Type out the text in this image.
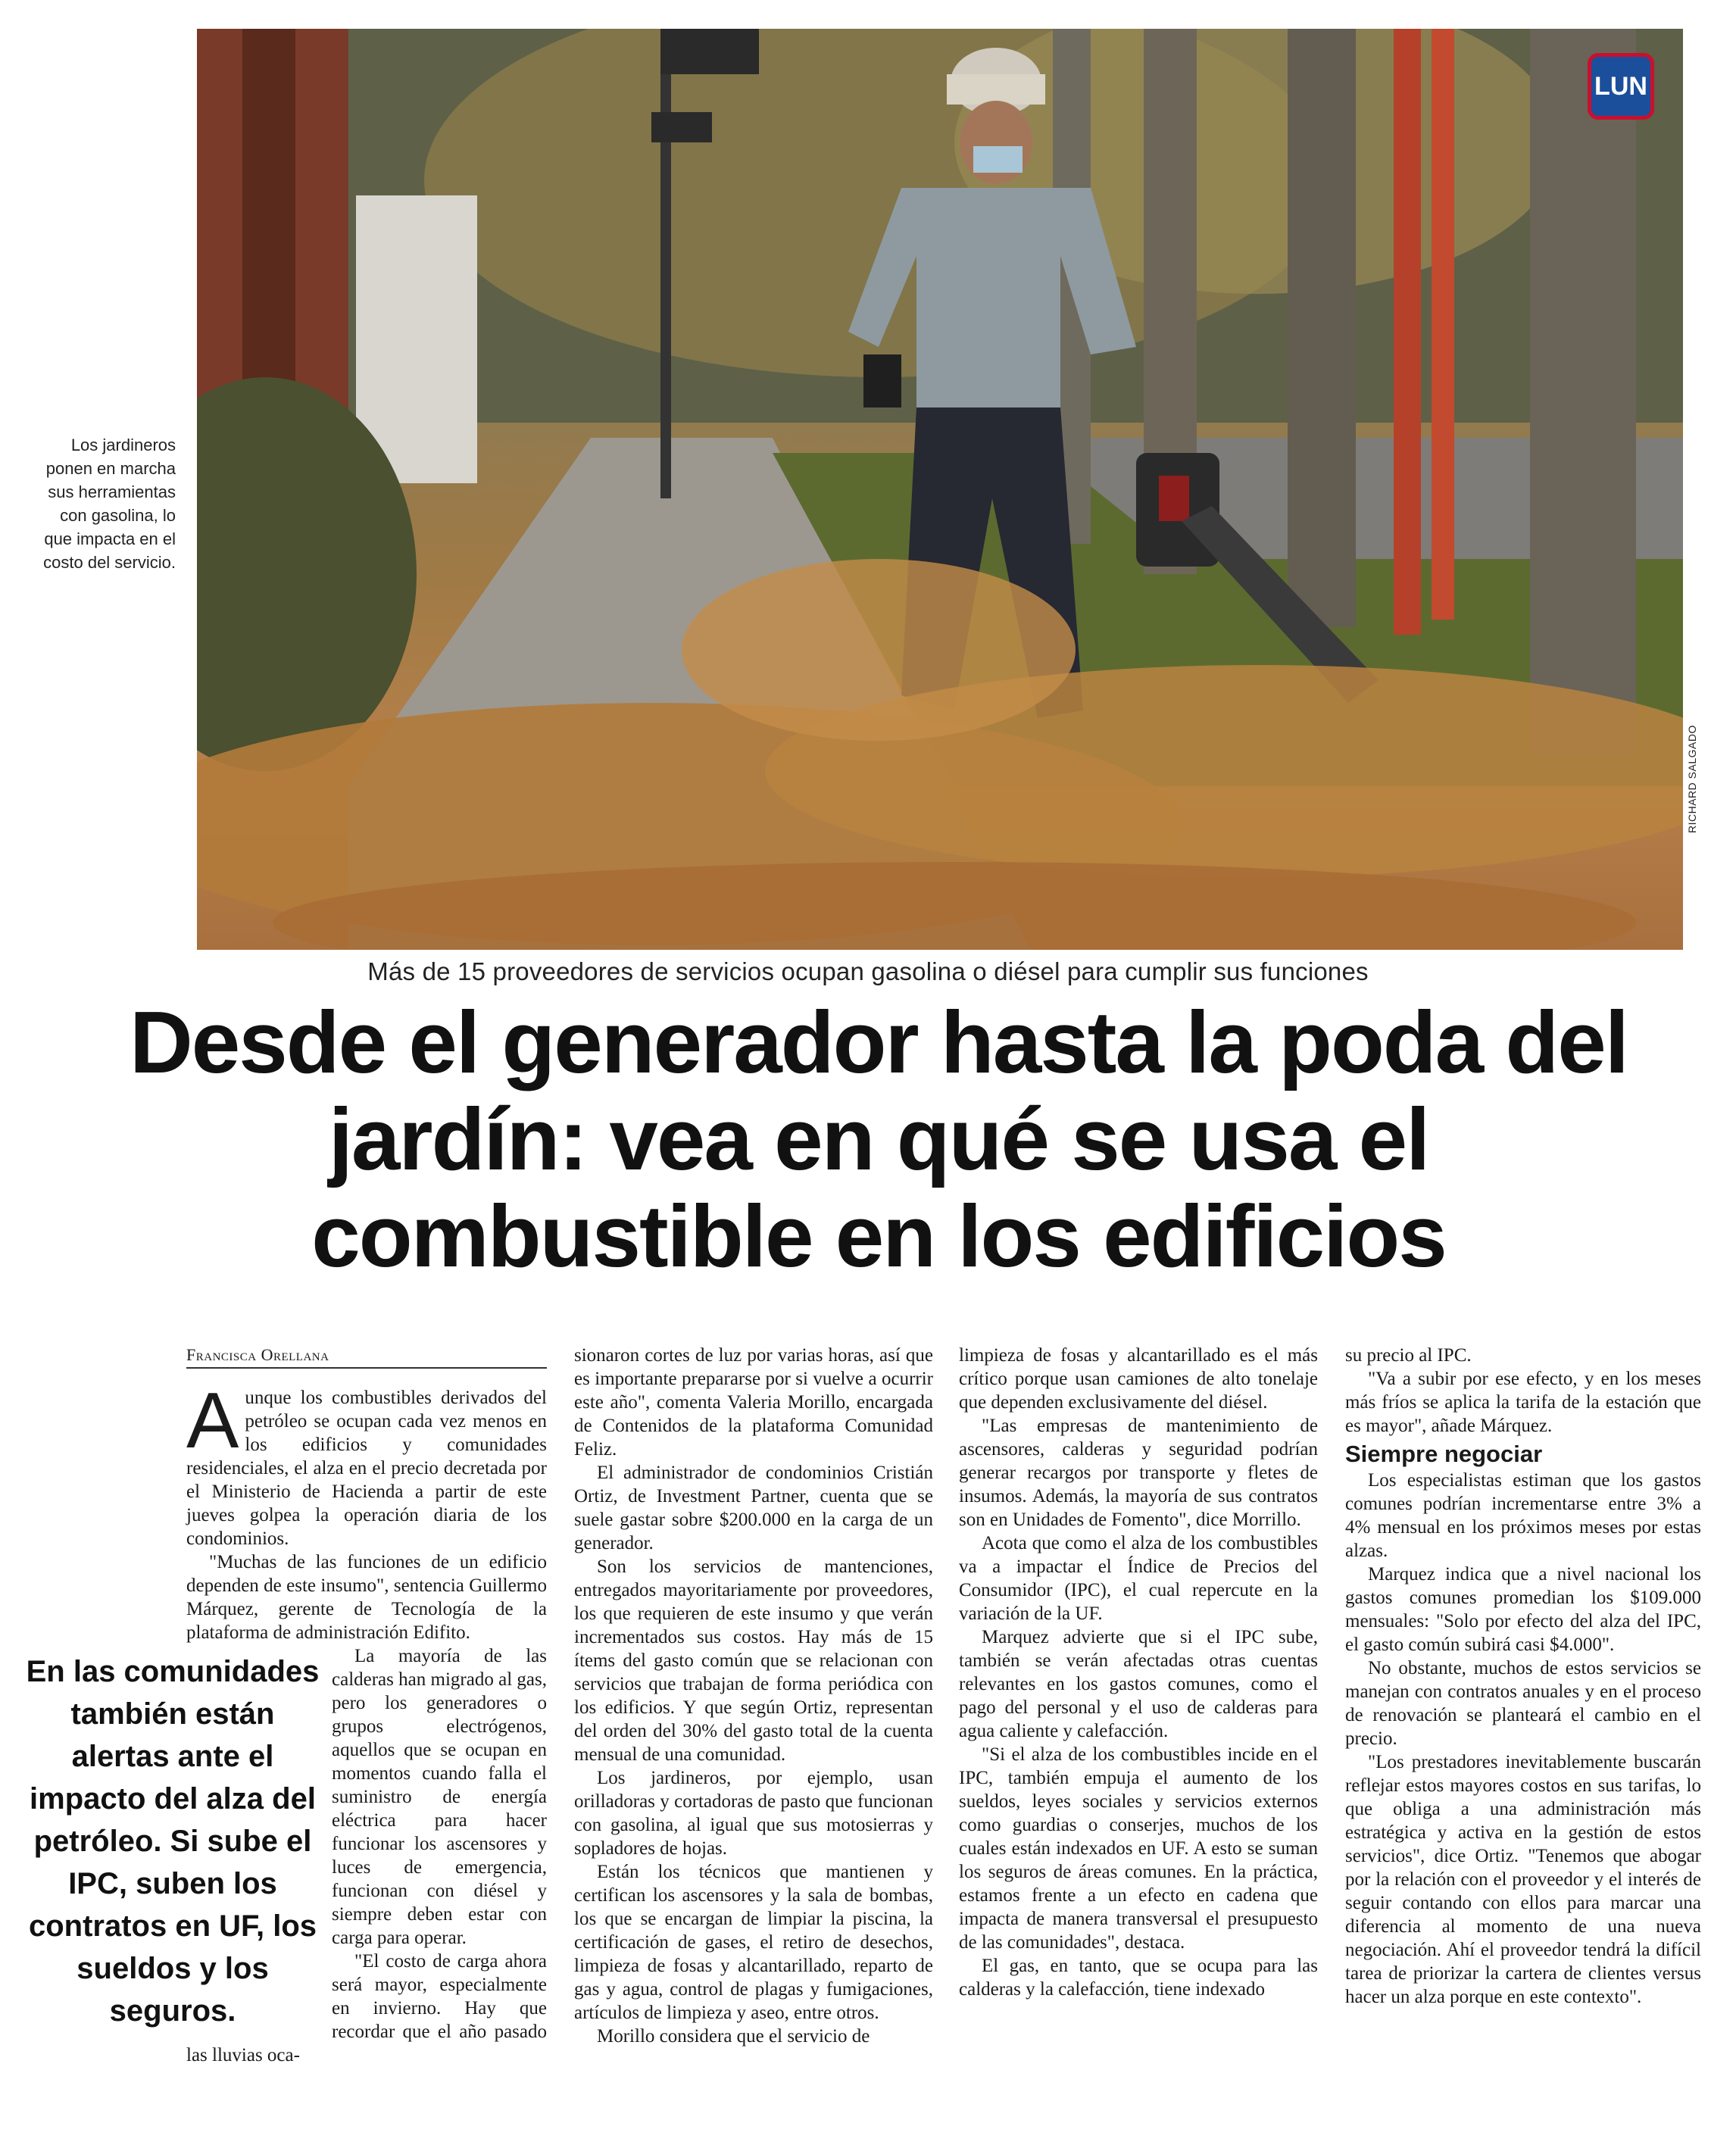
LUN
RICHARD SALGADO
Los jardineros ponen en marcha sus herramientas con gasolina, lo que impacta en el costo del servicio.
Más de 15 proveedores de servicios ocupan gasolina o diésel para cumplir sus funciones
Desde el generador hasta la poda del jardín: vea en qué se usa el combustible en los edificios
Francisca Orellana

Aunque los combustibles derivados del petróleo se ocupan cada vez menos en los edificios y comunidades residenciales, el alza en el precio decretada por el Ministerio de Hacienda a partir de este jueves golpea la operación diaria de los condominios.

"Muchas de las funciones de un edificio dependen de este insumo", sentencia Guillermo Márquez, gerente de Tecnología de la plataforma de administración Edifito.

En las comunidades también están alertas ante el impacto del alza del petróleo. Si sube el IPC, suben los contratos en UF, los sueldos y los seguros.

La mayoría de las calderas han migrado al gas, pero los generadores o grupos electrógenos, aquellos que se ocupan en momentos cuando falla el suministro de energía eléctrica para hacer funcionar los ascensores y luces de emergencia, funcionan con diésel y siempre deben estar con carga para operar.

"El costo de carga ahora será mayor, especialmente en invierno. Hay que recordar que el año pasado las lluvias oca-

sionaron cortes de luz por varias horas, así que es importante prepararse por si vuelve a ocurrir este año", comenta Valeria Morillo, encargada de Contenidos de la plataforma Comunidad Feliz.

El administrador de condominios Cristián Ortiz, de Investment Partner, cuenta que se suele gastar sobre $200.000 en la carga de un generador.

Son los servicios de mantenciones, entregados mayoritariamente por proveedores, los que requieren de este insumo y que verán incrementados sus costos. Hay más de 15 ítems del gasto común que se relacionan con servicios que trabajan de forma periódica con los edificios. Y que según Ortiz, representan del orden del 30% del gasto total de la cuenta mensual de una comunidad.

Los jardineros, por ejemplo, usan orilladoras y cortadoras de pasto que funcionan con gasolina, al igual que sus motosierras y sopladores de hojas.

Están los técnicos que mantienen y certifican los ascensores y la sala de bombas, los que se encargan de limpiar la piscina, la certificación de gases, el retiro de desechos, limpieza de fosas y alcantarillado, reparto de gas y agua, control de plagas y fumigaciones, artículos de limpieza y aseo, entre otros.

Morillo considera que el servicio de

limpieza de fosas y alcantarillado es el más crítico porque usan camiones de alto tonelaje que dependen exclusivamente del diésel.

"Las empresas de mantenimiento de ascensores, calderas y seguridad podrían generar recargos por transporte y fletes de insumos. Además, la mayoría de sus contratos son en Unidades de Fomento", dice Morrillo.

Acota que como el alza de los combustibles va a impactar el Índice de Precios del Consumidor (IPC), el cual repercute en la variación de la UF.

Marquez advierte que si el IPC sube, también se verán afectadas otras cuentas relevantes en los gastos comunes, como el pago del personal y el uso de calderas para agua caliente y calefacción.

"Si el alza de los combustibles incide en el IPC, también empuja el aumento de los sueldos, leyes sociales y servicios externos como guardias o conserjes, muchos de los cuales están indexados en UF. A esto se suman los seguros de áreas comunes. En la práctica, estamos frente a un efecto en cadena que impacta de manera transversal el presupuesto de las comunidades", destaca.

El gas, en tanto, que se ocupa para las calderas y la calefacción, tiene indexado

su precio al IPC.

"Va a subir por ese efecto, y en los meses más fríos se aplica la tarifa de la estación que es mayor", añade Márquez.

Siempre negociar

Los especialistas estiman que los gastos comunes podrían incrementarse entre 3% a 4% mensual en los próximos meses por estas alzas.

Marquez indica que a nivel nacional los gastos comunes promedian los $109.000 mensuales: "Solo por efecto del alza del IPC, el gasto común subirá casi $4.000".

No obstante, muchos de estos servicios se manejan con contratos anuales y en el proceso de renovación se planteará el cambio en el precio.

"Los prestadores inevitablemente buscarán reflejar estos mayores costos en sus tarifas, lo que obliga a una administración más estratégica y activa en la gestión de estos servicios", dice Ortiz. "Tenemos que abogar por la relación con el proveedor y el interés de seguir contando con ellos para marcar una diferencia al momento de una nueva negociación. Ahí el proveedor tendrá la difícil tarea de priorizar la cartera de clientes versus hacer un alza porque en este contexto".
